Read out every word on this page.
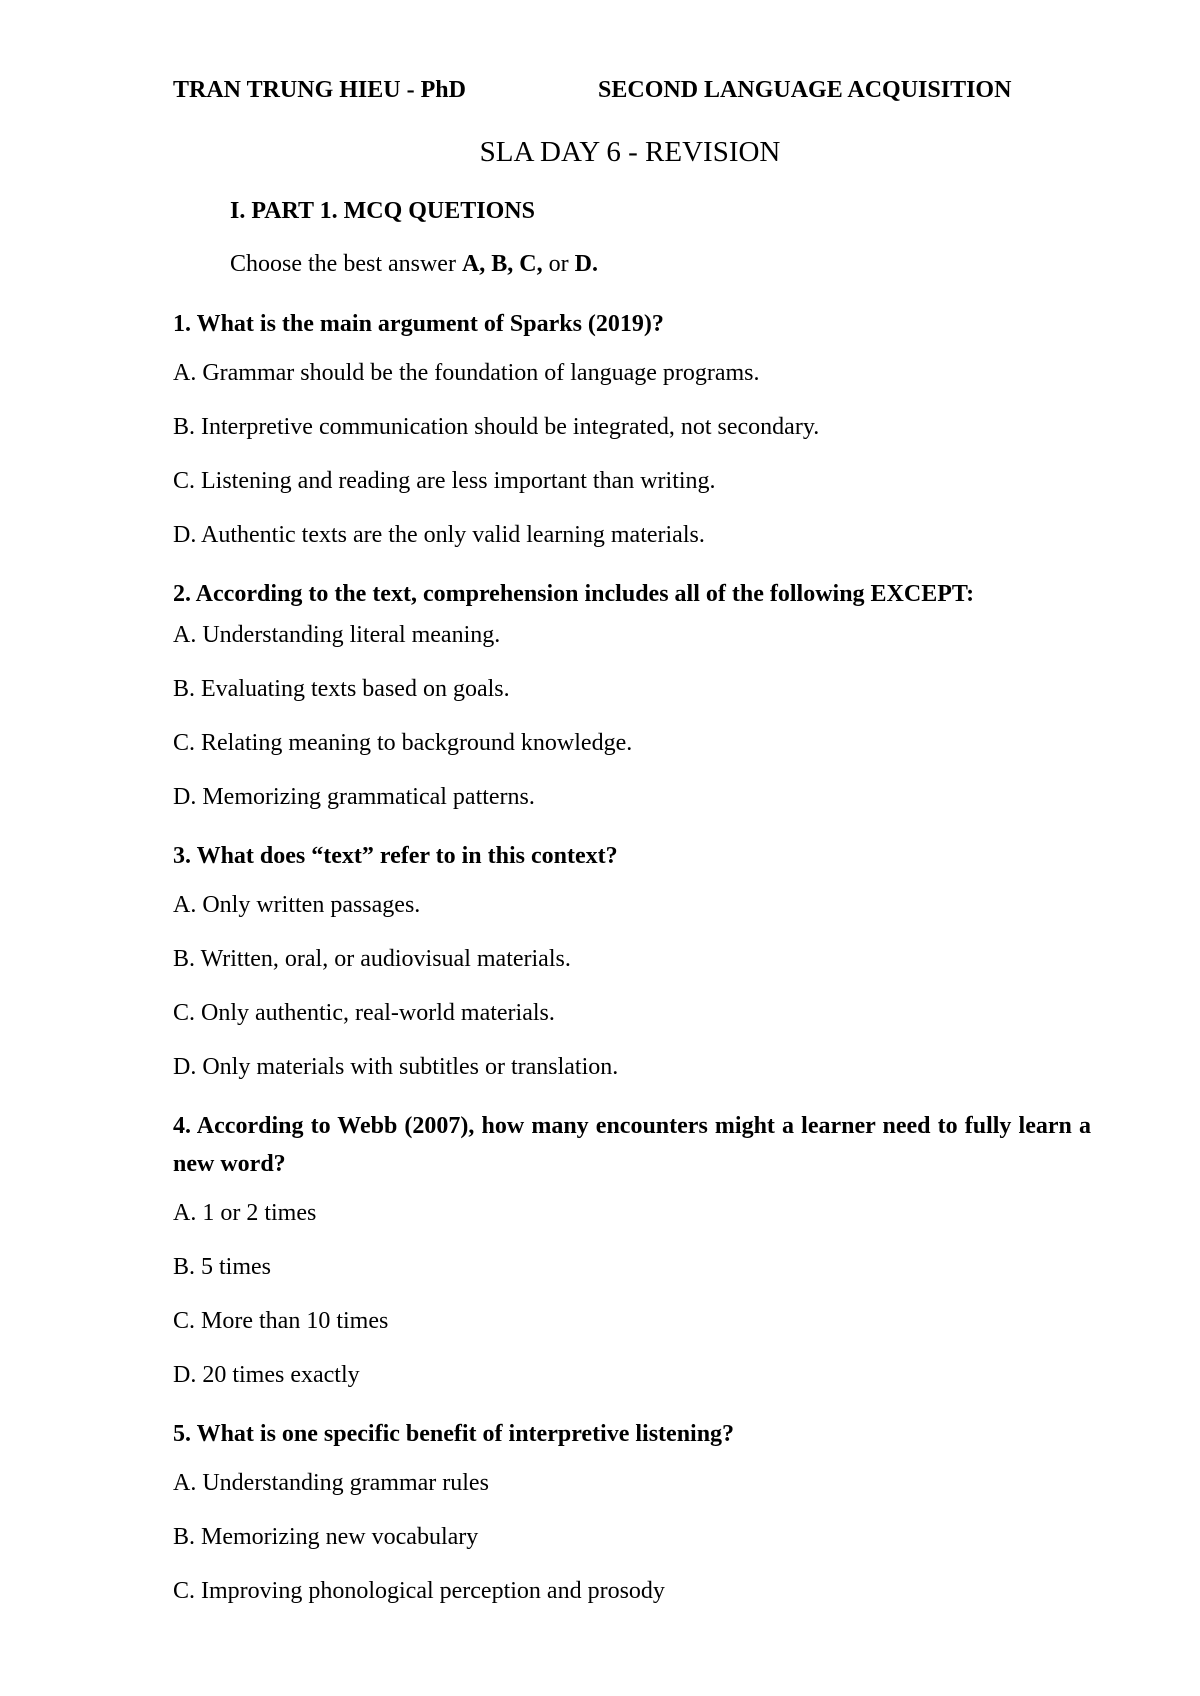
TRAN TRUNG HIEU - PhD	SECOND LANGUAGE ACQUISITION
SLA DAY 6 - REVISION
I. PART 1. MCQ QUETIONS
Choose the best answer A, B, C, or D.

1. What is the main argument of Sparks (2019)?

A. Grammar should be the foundation of language programs.

B. Interpretive communication should be integrated, not secondary.

C. Listening and reading are less important than writing.

D. Authentic texts are the only valid learning materials.

2. According to the text, comprehension includes all of the following EXCEPT:

A. Understanding literal meaning.

B. Evaluating texts based on goals.

C. Relating meaning to background knowledge.

D. Memorizing grammatical patterns.

3. What does “text” refer to in this context?

A. Only written passages.

B. Written, oral, or audiovisual materials.

C. Only authentic, real-world materials.

D. Only materials with subtitles or translation.

4. According to Webb (2007), how many encounters might a learner need to fully learn a new word?

A. 1 or 2 times

B. 5 times

C. More than 10 times

D. 20 times exactly

5. What is one specific benefit of interpretive listening?

A. Understanding grammar rules

B. Memorizing new vocabulary

C. Improving phonological perception and prosody
